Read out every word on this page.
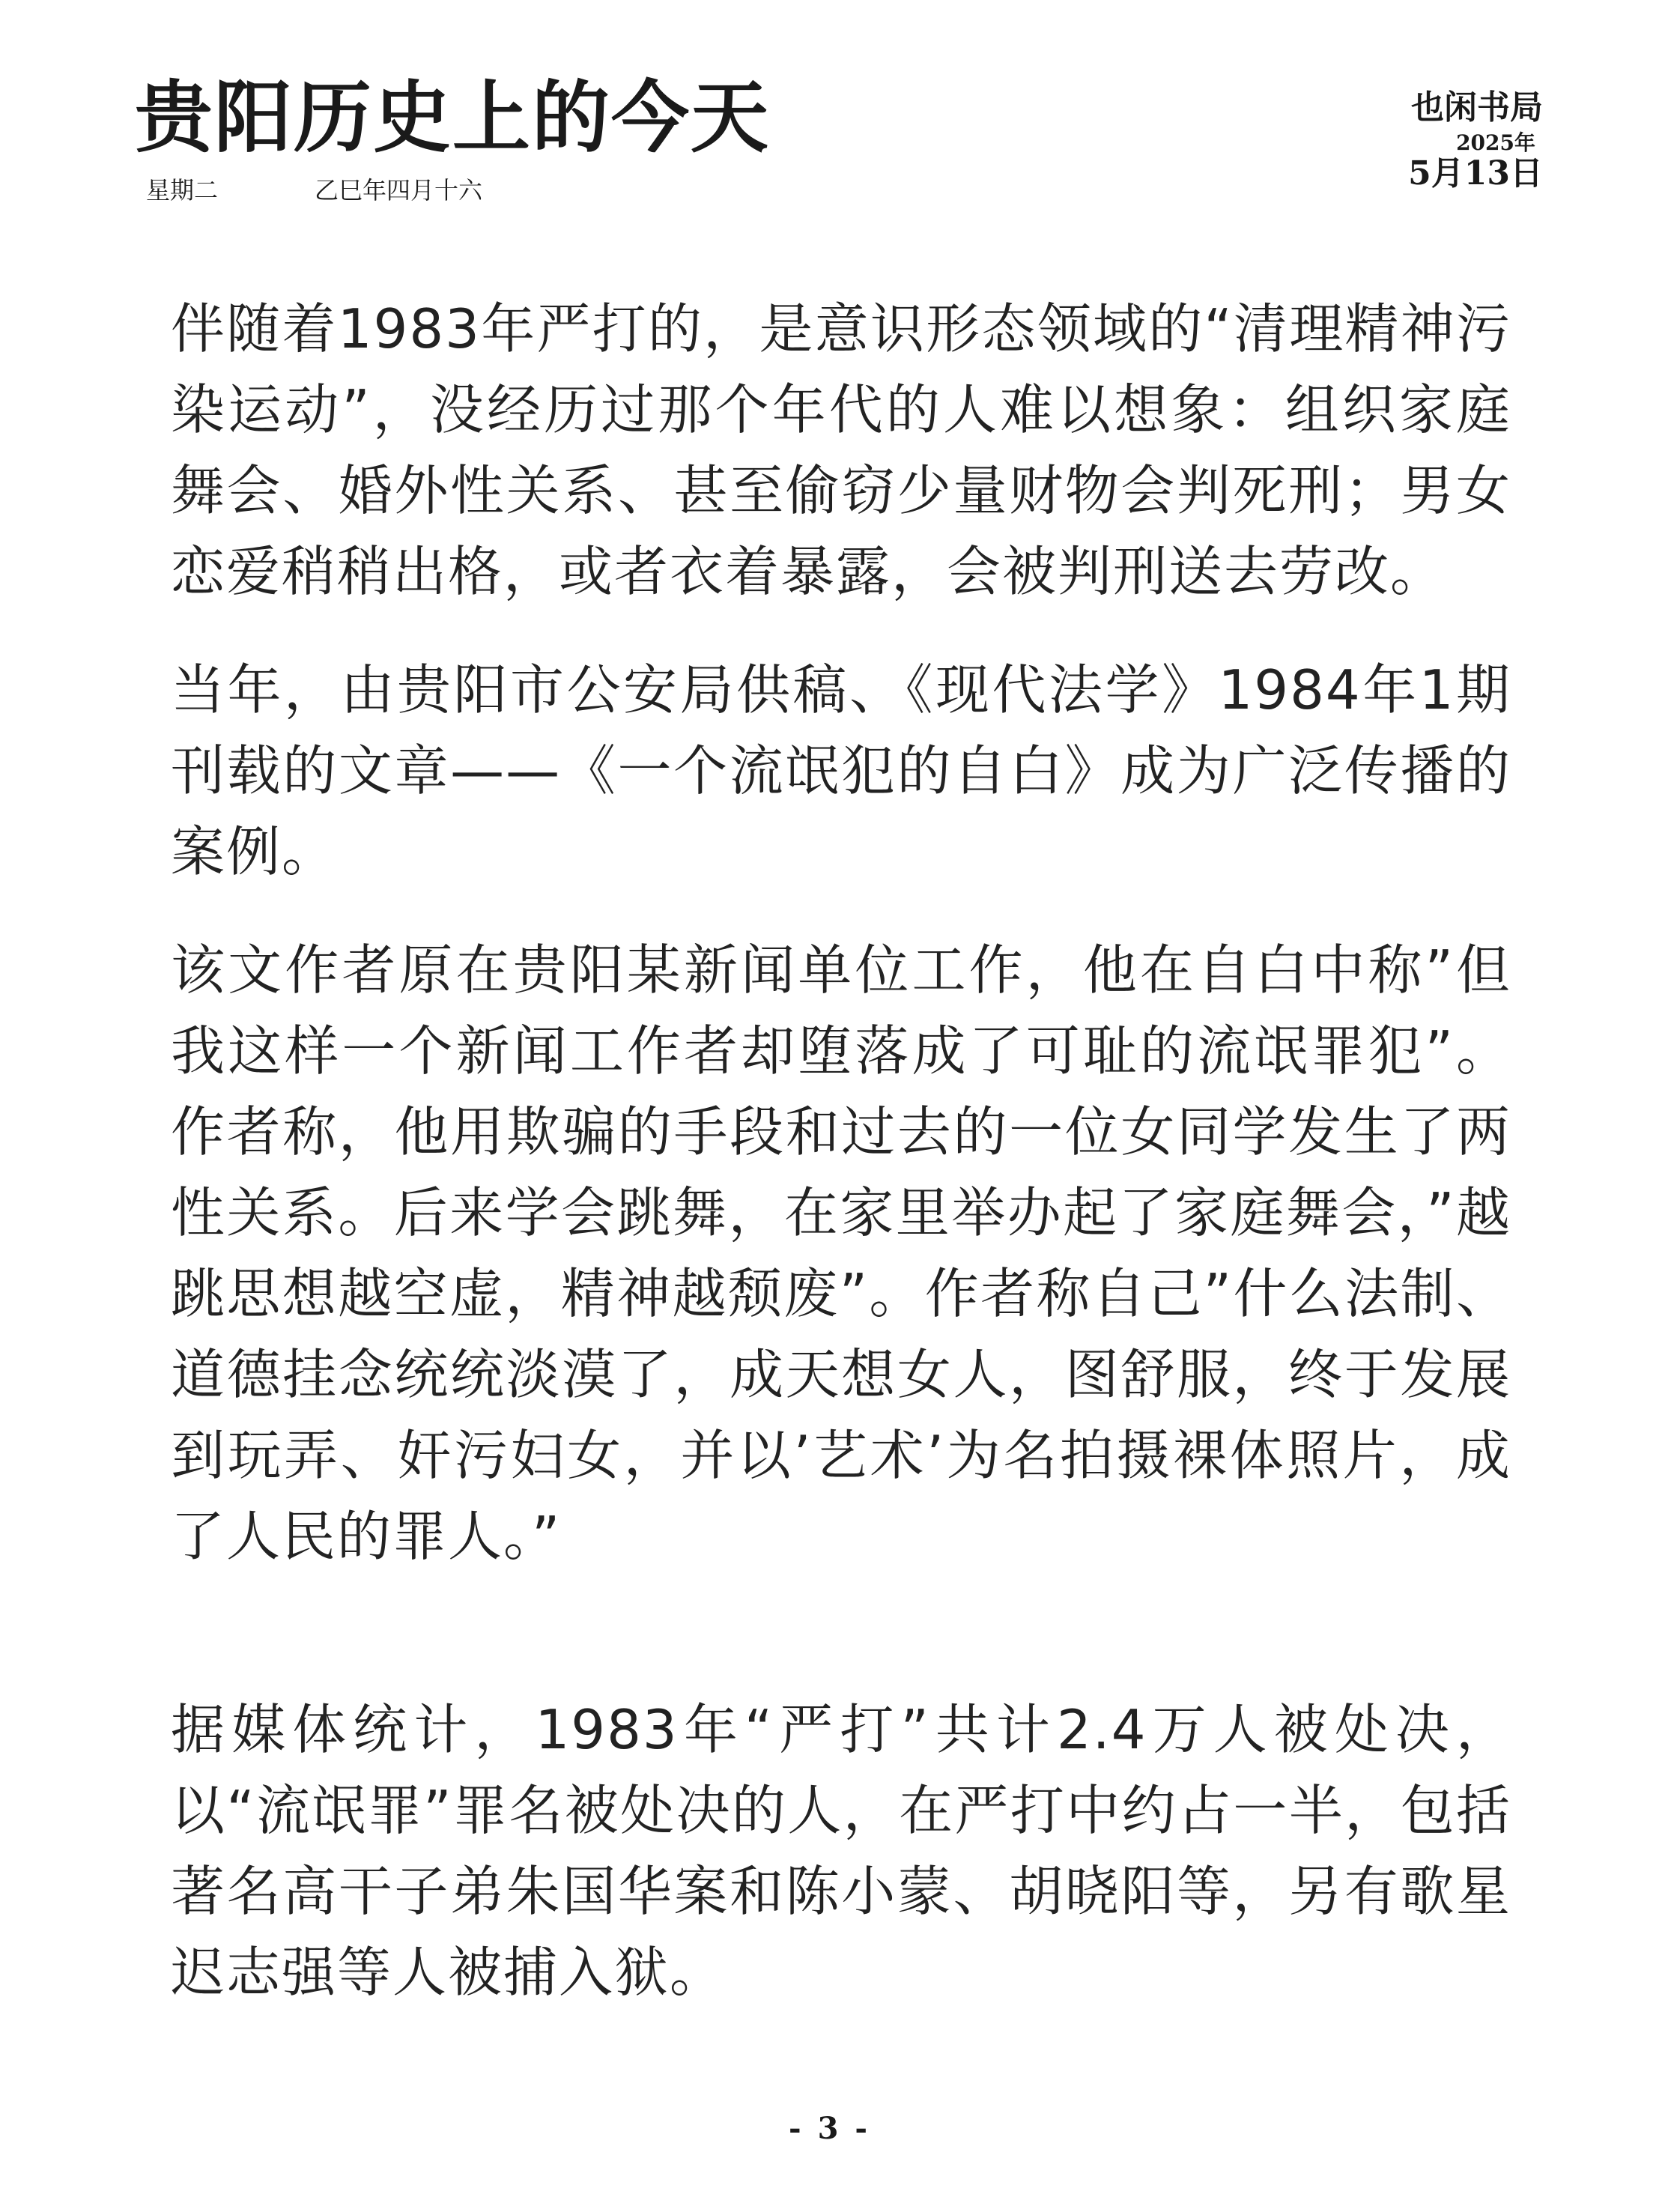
贵阳历史上的今天
星期二	乙巳年四月十六
也闲书局
2025年
5月13日

伴随着1983年严打的，是意识形态领域的“清理精神污染运动”，没经历过那个年代的人难以想象：组织家庭舞会、婚外性关系、甚至偷窃少量财物会判死刑；男女恋爱稍稍出格，或者衣着暴露，会被判刑送去劳改。

当年，由贵阳市公安局供稿、《现代法学》1984年1期刊载的文章——《一个流氓犯的自白》成为广泛传播的案例。

该文作者原在贵阳某新闻单位工作，他在自白中称”但我这样一个新闻工作者却堕落成了可耻的流氓罪犯”。作者称，他用欺骗的手段和过去的一位女同学发生了两性关系。后来学会跳舞，在家里举办起了家庭舞会，”越跳思想越空虚，精神越颓废”。作者称自己”什么法制、道德挂念统统淡漠了，成天想女人，图舒服，终于发展到玩弄、奸污妇女，并以’艺术’为名拍摄裸体照片，成了人民的罪人。”

据媒体统计，1983年“严打”共计2.4万人被处决，以“流氓罪”罪名被处决的人，在严打中约占一半，包括著名高干子弟朱国华案和陈小蒙、胡晓阳等，另有歌星迟志强等人被捕入狱。

- 3 -
